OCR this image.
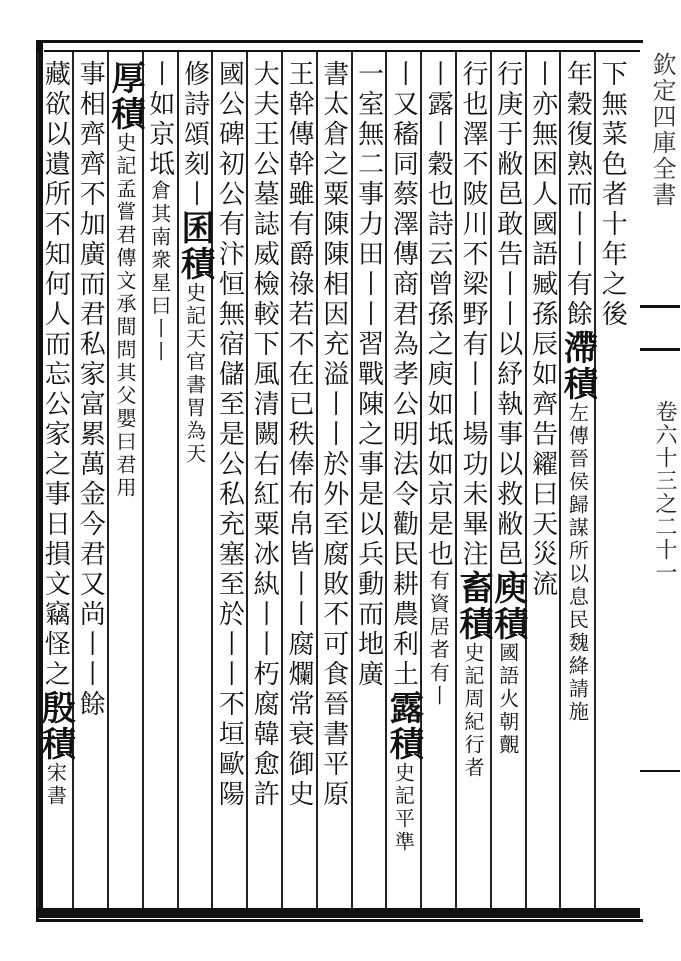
欽定四庫全書
卷六十三之二十一
下無菜色者十年之後
年穀復熟而丨丨有餘滯積左傳晉侯歸謀所以息民魏絳請施
丨亦無困人國語臧孫辰如齊告糴曰天災流
行庚于敝邑敢告丨丨以紓執事以救敝邑庾積國語火朝覿
行也澤不陂川不梁野有丨丨場功未畢注畜積史記周紀行者
丨露丨穀也詩云曾孫之庾如坻如京是也有資居者有丨
丨又稸同蔡澤傳商君為孝公明法令勸民耕農利土露積史記平準
一室無二事力田丨丨習戰陳之事是以兵動而地廣
書太倉之粟陳陳相因充溢丨丨於外至腐敗不可食晉書平原
王幹傳幹雖有爵祿若不在已秩俸布帛皆丨丨腐爛常衰御史
大夫王公墓誌威檢較下風清闕右紅粟冰紈丨丨朽腐韓愈許
國公碑初公有汴恒無宿儲至是公私充塞至於丨丨不垣歐陽
修詩頌刻丨囷積史記天官書胃為天
丨如京坻倉其南衆星曰丨丨
厚積史記孟嘗君傳文承間問其父嬰曰君用
事相齊齊不加廣而君私家富累萬金今君又尚丨丨餘
藏欲以遺所不知何人而忘公家之事日損文竊怪之殷積宋書
